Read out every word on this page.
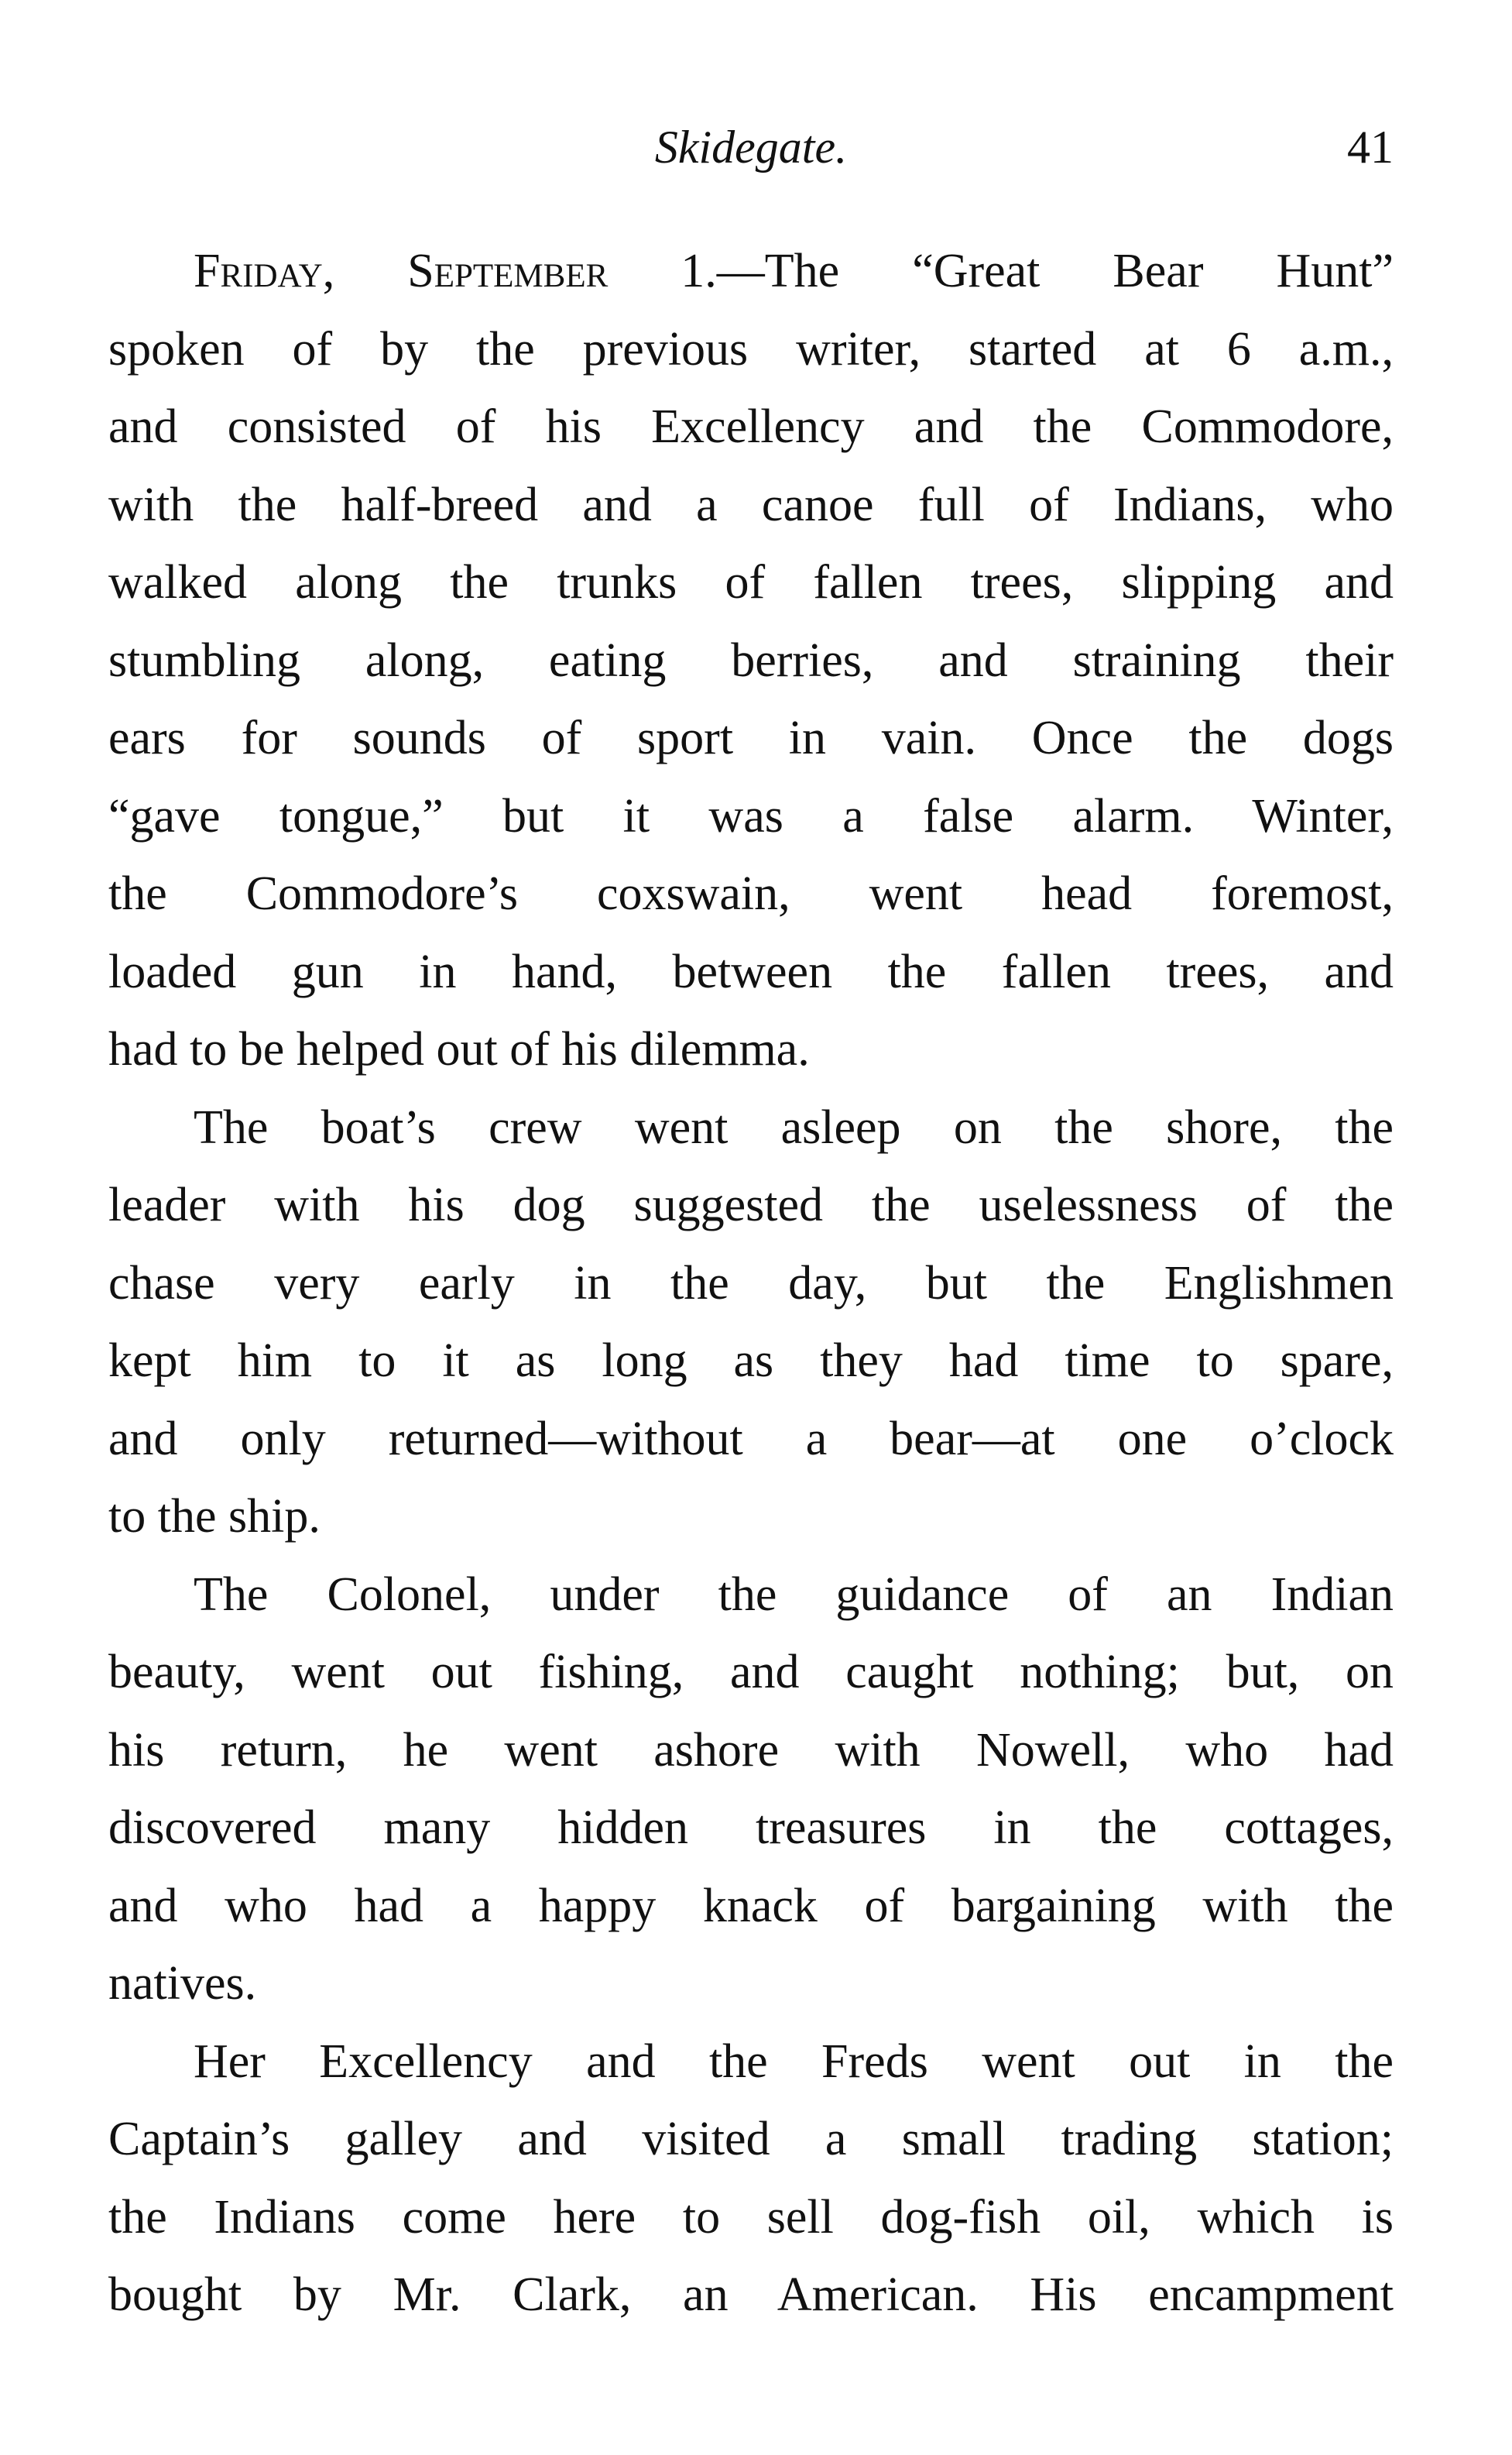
Skidegate.	41
Friday, September 1.—The “Great Bear Hunt”
spoken of by the previous writer, started at 6 a.m.,
and consisted of his Excellency and the Commodore,
with the half-breed and a canoe full of Indians, who
walked along the trunks of fallen trees, slipping and
stumbling along, eating berries, and straining their
ears for sounds of sport in vain. Once the dogs
“gave tongue,” but it was a false alarm. Winter,
the Commodore’s coxswain, went head foremost,
loaded gun in hand, between the fallen trees, and
had to be helped out of his dilemma.
The boat’s crew went asleep on the shore, the
leader with his dog suggested the uselessness of the
chase very early in the day, but the Englishmen
kept him to it as long as they had time to spare,
and only returned—without a bear—at one o’clock
to the ship.
The Colonel, under the guidance of an Indian
beauty, went out fishing, and caught nothing; but, on
his return, he went ashore with Nowell, who had
discovered many hidden treasures in the cottages,
and who had a happy knack of bargaining with the
natives.
Her Excellency and the Freds went out in the
Captain’s galley and visited a small trading station;
the Indians come here to sell dog-fish oil, which is
bought by Mr. Clark, an American. His encampment
